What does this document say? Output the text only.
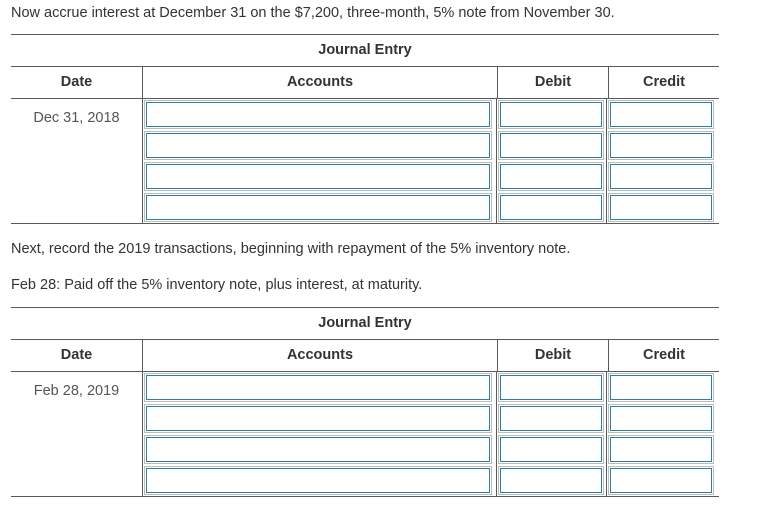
Now accrue interest at December 31 on the $7,200, three-month, 5% note from November 30.
Journal Entry
Date	Accounts	Debit	Credit
Dec 31, 2018
Next, record the 2019 transactions, beginning with repayment of the 5% inventory note.
Feb 28: Paid off the 5% inventory note, plus interest, at maturity.
Journal Entry
Date	Accounts	Debit	Credit
Feb 28, 2019
